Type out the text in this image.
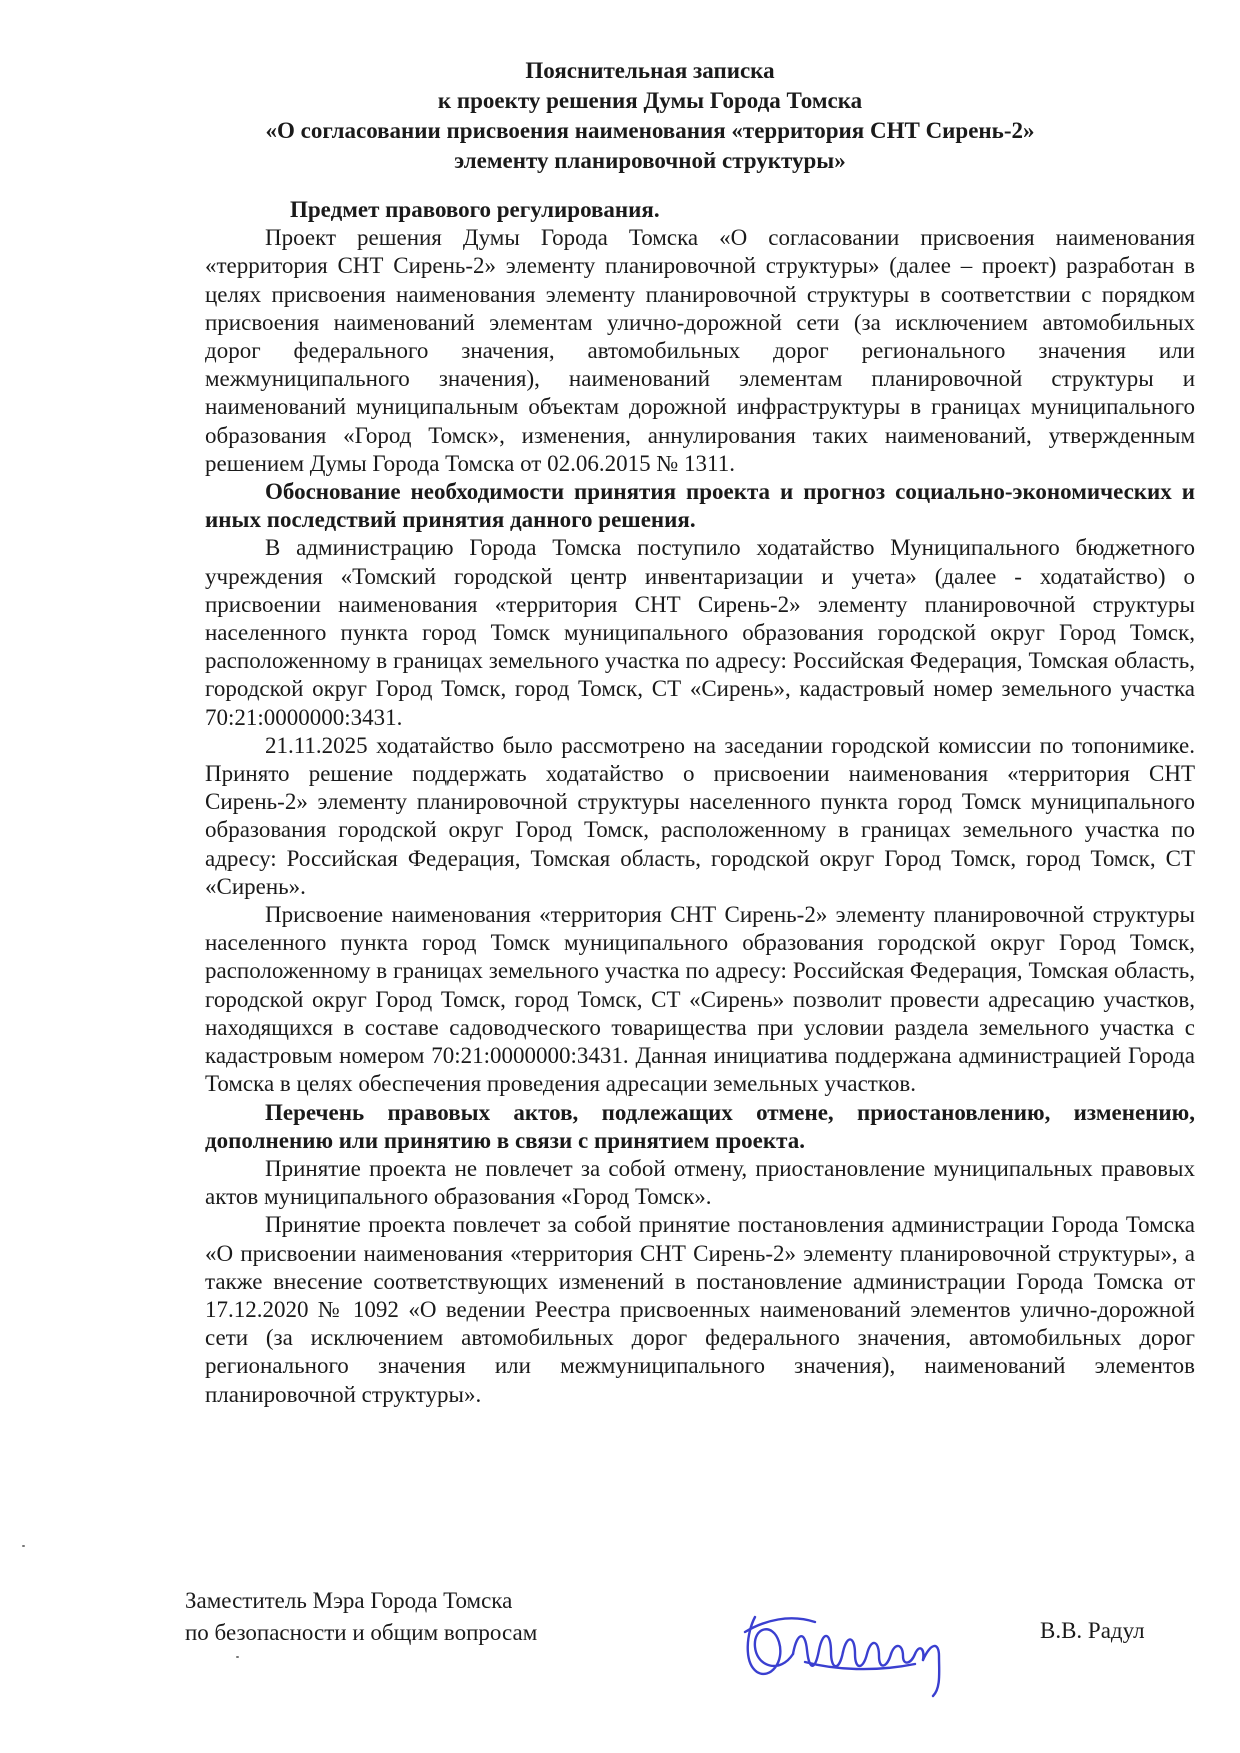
Пояснительная записка
к проекту решения Думы Города Томска
«О согласовании присвоения наименования «территория СНТ Сирень-2»
элементу планировочной структуры»

Предмет правового регулирования.

Проект решения Думы Города Томска «О согласовании присвоения наименования «территория СНТ Сирень-2» элементу планировочной структуры» (далее – проект) разработан в целях присвоения наименования элементу планировочной структуры в соответствии с порядком присвоения наименований элементам улично-дорожной сети (за исключением автомобильных дорог федерального значения, автомобильных дорог регионального значения или межмуниципального значения), наименований элементам планировочной структуры и наименований муниципальным объектам дорожной инфраструктуры в границах муниципального образования «Город Томск», изменения, аннулирования таких наименований, утвержденным решением Думы Города Томска от 02.06.2015 № 1311.

Обоснование необходимости принятия проекта и прогноз социально-экономических и иных последствий принятия данного решения.

В администрацию Города Томска поступило ходатайство Муниципального бюджетного учреждения «Томский городской центр инвентаризации и учета» (далее - ходатайство) о присвоении наименования «территория СНТ Сирень-2» элементу планировочной структуры населенного пункта город Томск муниципального образования городской округ Город Томск, расположенному в границах земельного участка по адресу: Российская Федерация, Томская область, городской округ Город Томск, город Томск, СТ «Сирень», кадастровый номер земельного участка 70:21:0000000:3431.

21.11.2025 ходатайство было рассмотрено на заседании городской комиссии по топонимике. Принято решение поддержать ходатайство о присвоении наименования «территория СНТ Сирень-2» элементу планировочной структуры населенного пункта город Томск муниципального образования городской округ Город Томск, расположенному в границах земельного участка по адресу: Российская Федерация, Томская область, городской округ Город Томск, город Томск, СТ «Сирень».

Присвоение наименования «территория СНТ Сирень-2» элементу планировочной структуры населенного пункта город Томск муниципального образования городской округ Город Томск, расположенному в границах земельного участка по адресу: Российская Федерация, Томская область, городской округ Город Томск, город Томск, СТ «Сирень» позволит провести адресацию участков, находящихся в составе садоводческого товарищества при условии раздела земельного участка с кадастровым номером 70:21:0000000:3431. Данная инициатива поддержана администрацией Города Томска в целях обеспечения проведения адресации земельных участков.

Перечень правовых актов, подлежащих отмене, приостановлению, изменению, дополнению или принятию в связи с принятием проекта.

Принятие проекта не повлечет за собой отмену, приостановление муниципальных правовых актов муниципального образования «Город Томск».

Принятие проекта повлечет за собой принятие постановления администрации Города Томска «О присвоении наименования «территория СНТ Сирень-2» элементу планировочной структуры», а также внесение соответствующих изменений в постановление администрации Города Томска от 17.12.2020 № 1092 «О ведении Реестра присвоенных наименований элементов улично-дорожной сети (за исключением автомобильных дорог федерального значения, автомобильных дорог регионального значения или межмуниципального значения), наименований элементов планировочной структуры».

Заместитель Мэра Города Томска
по безопасности и общим вопросам	В.В. Радул
